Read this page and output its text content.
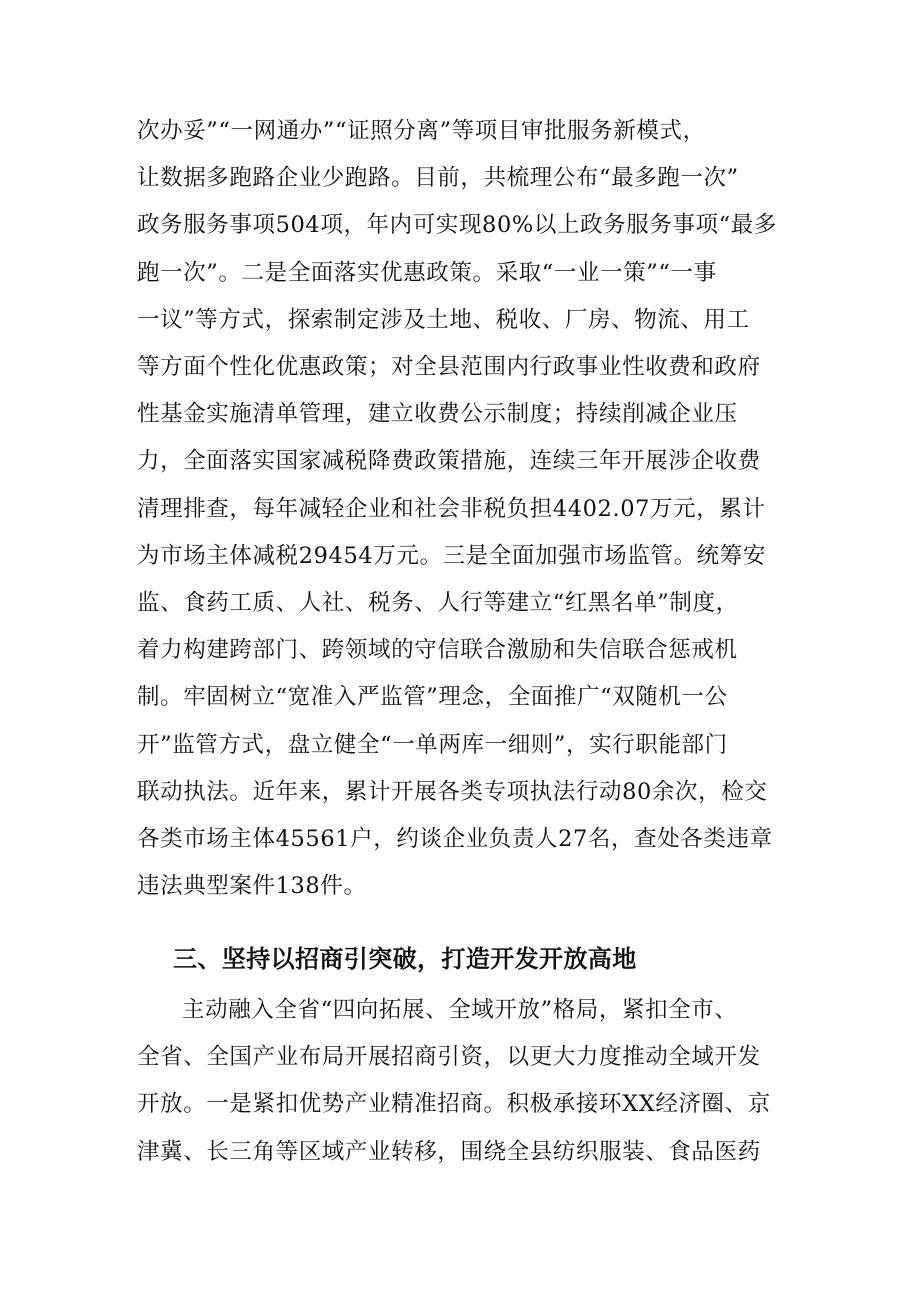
次办妥”“一网通办”“证照分离”等项目审批服务新模式，
让数据多跑路企业少跑路。目前，共梳理公布“最多跑一次”
政务服务事项504项，年内可实现80%以上政务服务事项“最多
跑一次”。二是全面落实优惠政策。采取“一业一策”“一事
一议”等方式，探索制定涉及土地、税收、厂房、物流、用工
等方面个性化优惠政策；对全县范围内行政事业性收费和政府
性基金实施清单管理，建立收费公示制度；持续削减企业压
力，全面落实国家减税降费政策措施，连续三年开展涉企收费
清理排查，每年减轻企业和社会非税负担4402.07万元，累计
为市场主体减税29454万元。三是全面加强市场监管。统筹安
监、食药工质、人社、税务、人行等建立“红黑名单”制度，
着力构建跨部门、跨领域的守信联合激励和失信联合惩戒机
制。牢固树立“宽准入严监管”理念，全面推广“双随机一公
开”监管方式，盘立健全“一单两库一细则”，实行职能部门
联动执法。近年来，累计开展各类专项执法行动80余次，检交
各类市场主体45561户，约谈企业负责人27名，查处各类违章
违法典型案件138件。
三、坚持以招商引突破，打造开发开放高地
主动融入全省“四向拓展、全域开放”格局，紧扣全市、
全省、全国产业布局开展招商引资，以更大力度推动全域开发
开放。一是紧扣优势产业精准招商。积极承接环XX经济圈、京
津冀、长三角等区域产业转移，围绕全县纺织服装、食品医药
